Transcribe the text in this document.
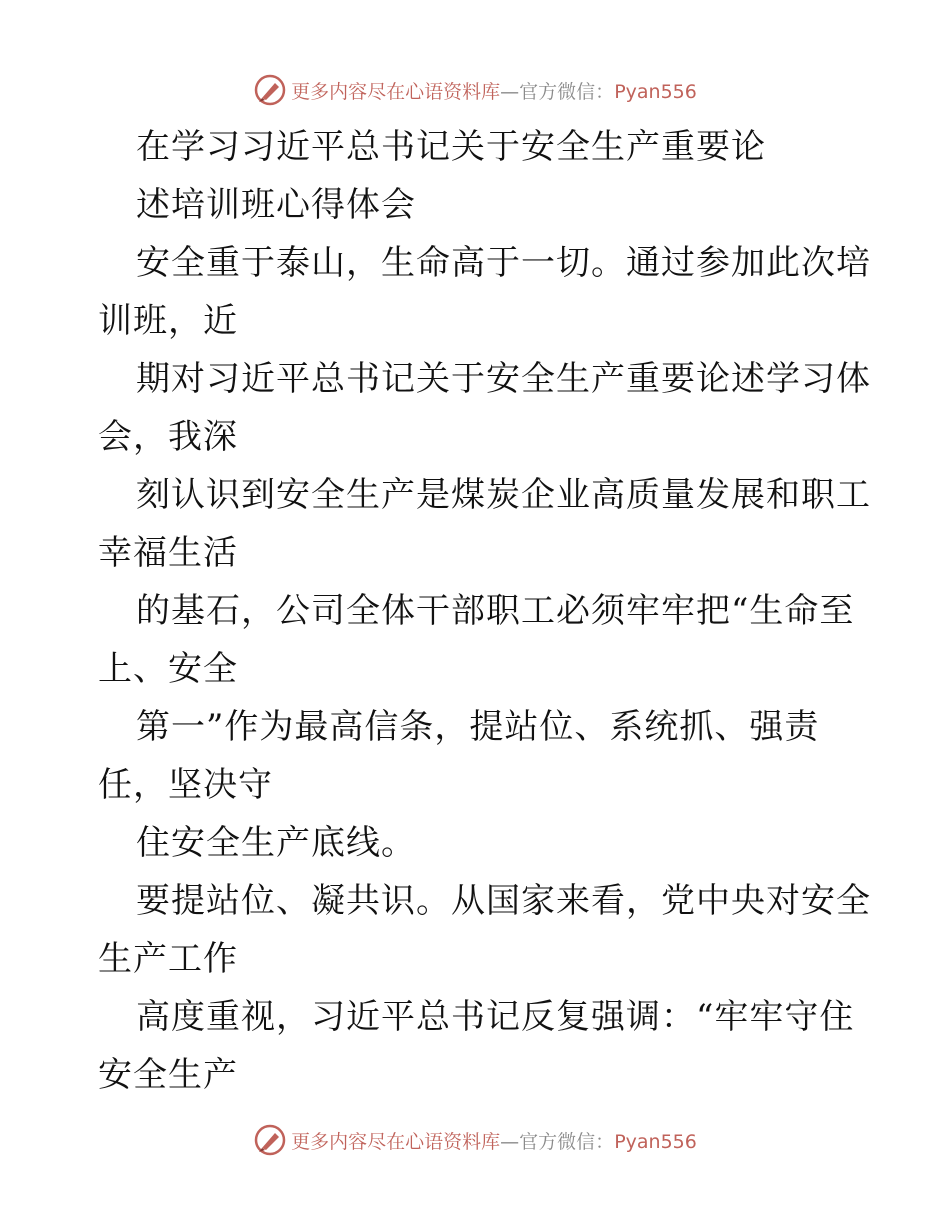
更多内容尽在心语资料库—官方微信：Pyan556
在学习习近平总书记关于安全生产重要论
述培训班心得体会
安全重于泰山，生命高于一切。通过参加此次培
训班，近
期对习近平总书记关于安全生产重要论述学习体
会，我深
刻认识到安全生产是煤炭企业高质量发展和职工
幸福生活
的基石，公司全体干部职工必须牢牢把“生命至
上、安全
第一”作为最高信条，提站位、系统抓、强责
任，坚决守
住安全生产底线。
要提站位、凝共识。从国家来看，党中央对安全
生产工作
高度重视，习近平总书记反复强调：“牢牢守住
安全生产
更多内容尽在心语资料库—官方微信：Pyan556
